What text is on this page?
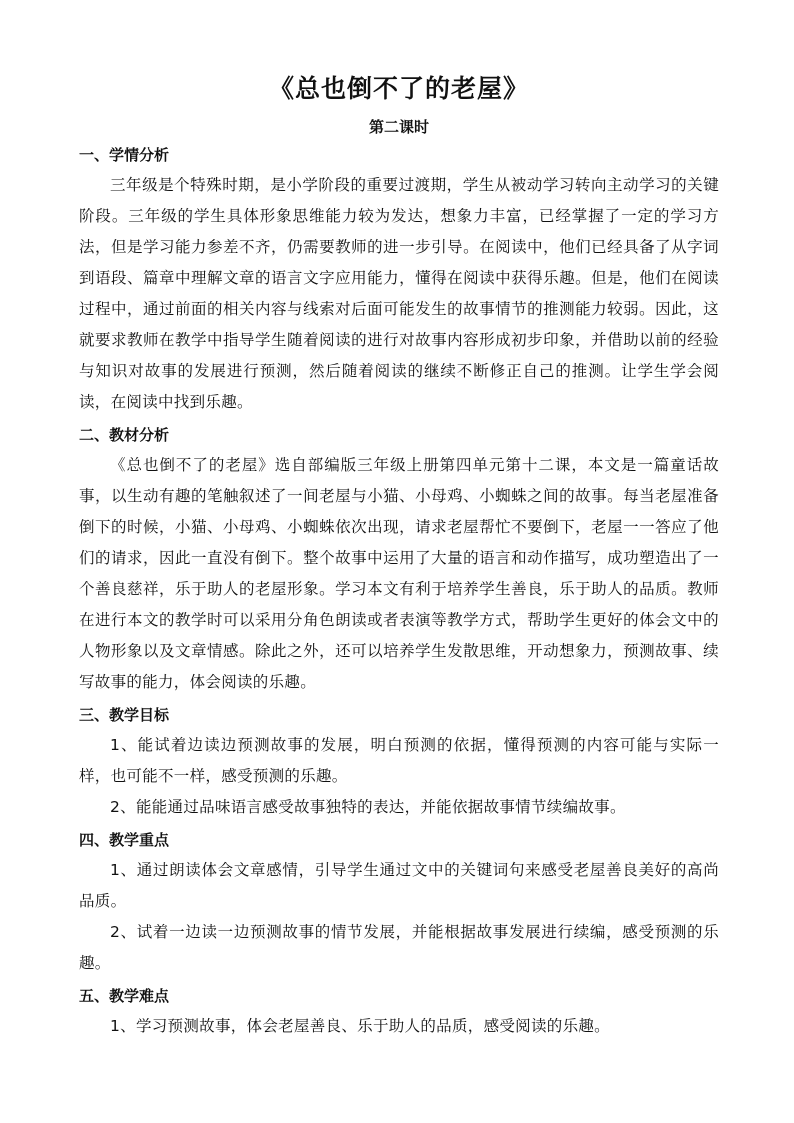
《总也倒不了的老屋》
第二课时
一、学情分析

三年级是个特殊时期，是小学阶段的重要过渡期，学生从被动学习转向主动学习的关键阶段。三年级的学生具体形象思维能力较为发达，想象力丰富，已经掌握了一定的学习方法，但是学习能力参差不齐，仍需要教师的进一步引导。在阅读中，他们已经具备了从字词到语段、篇章中理解文章的语言文字应用能力，懂得在阅读中获得乐趣。但是，他们在阅读过程中，通过前面的相关内容与线索对后面可能发生的故事情节的推测能力较弱。因此，这就要求教师在教学中指导学生随着阅读的进行对故事内容形成初步印象，并借助以前的经验与知识对故事的发展进行预测，然后随着阅读的继续不断修正自己的推测。让学生学会阅读，在阅读中找到乐趣。

二、教材分析

《总也倒不了的老屋》选自部编版三年级上册第四单元第十二课，本文是一篇童话故事，以生动有趣的笔触叙述了一间老屋与小猫、小母鸡、小蜘蛛之间的故事。每当老屋准备倒下的时候，小猫、小母鸡、小蜘蛛依次出现，请求老屋帮忙不要倒下，老屋一一答应了他们的请求，因此一直没有倒下。整个故事中运用了大量的语言和动作描写，成功塑造出了一个善良慈祥，乐于助人的老屋形象。学习本文有利于培养学生善良，乐于助人的品质。教师在进行本文的教学时可以采用分角色朗读或者表演等教学方式，帮助学生更好的体会文中的人物形象以及文章情感。除此之外，还可以培养学生发散思维，开动想象力，预测故事、续写故事的能力，体会阅读的乐趣。

三、教学目标

1、能试着边读边预测故事的发展，明白预测的依据，懂得预测的内容可能与实际一样，也可能不一样，感受预测的乐趣。

2、能能通过品味语言感受故事独特的表达，并能依据故事情节续编故事。

四、教学重点

1、通过朗读体会文章感情，引导学生通过文中的关键词句来感受老屋善良美好的高尚品质。

2、试着一边读一边预测故事的情节发展，并能根据故事发展进行续编，感受预测的乐趣。

五、教学难点

1、学习预测故事，体会老屋善良、乐于助人的品质，感受阅读的乐趣。
